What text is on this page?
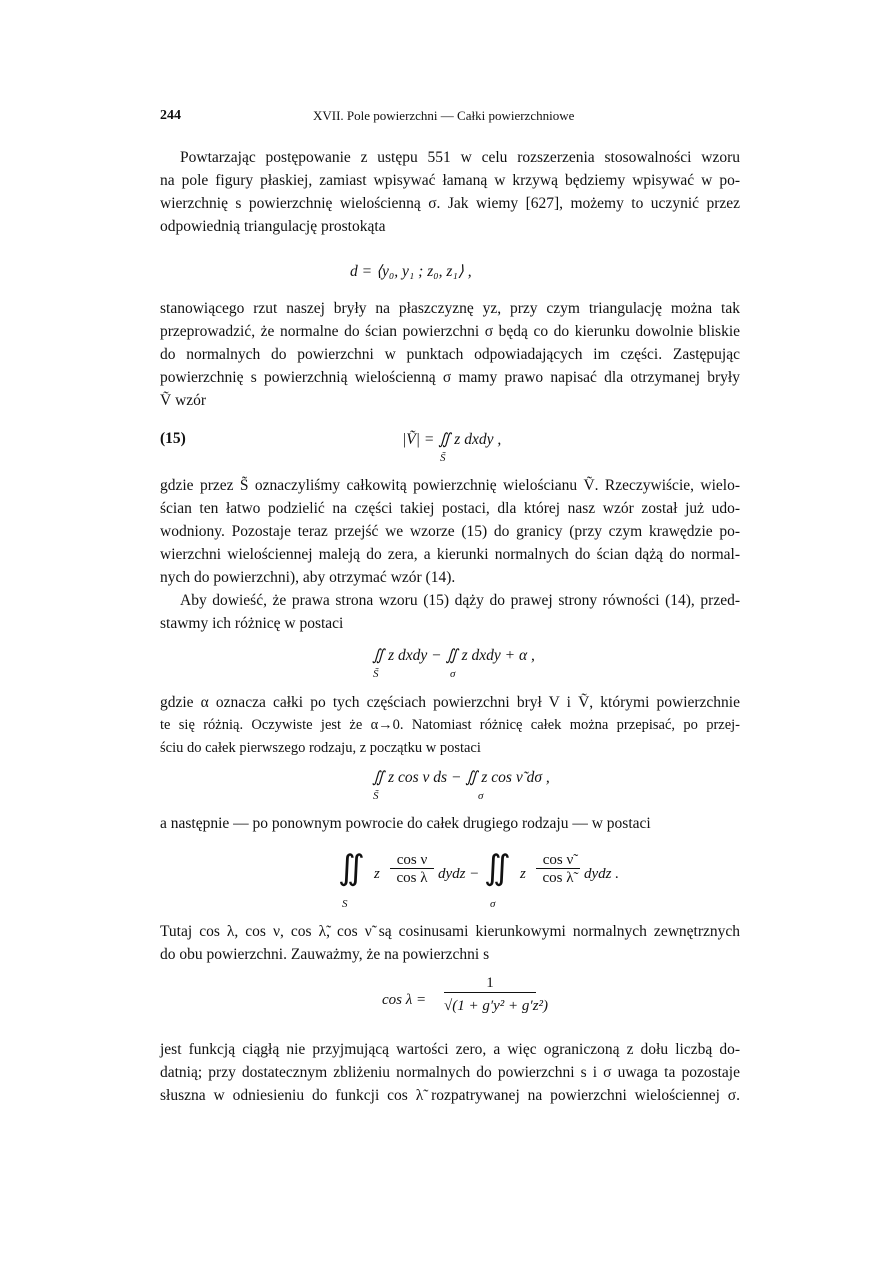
244	XVII. Pole powierzchni — Całki powierzchniowe
Powtarzając postępowanie z ustępu 551 w celu rozszerzenia stosowalności wzoru
na pole figury płaskiej, zamiast wpisywać łamaną w krzywą będziemy wpisywać w po-
wierzchnię s powierzchnię wielościenną σ. Jak wiemy [627], możemy to uczynić przez
odpowiednią triangulację prostokąta
d = ⟨y₀, y₁ ; z₀, z₁⟩ ,
stanowiącego rzut naszej bryły na płaszczyznę yz, przy czym triangulację można tak
przeprowadzić, że normalne do ścian powierzchni σ będą co do kierunku dowolnie bliskie
do normalnych do powierzchni w punktach odpowiadających im części. Zastępując
powierzchnię s powierzchnią wielościenną σ mamy prawo napisać dla otrzymanej bryły
Ṽ wzór
(15)	|Ṽ| = ∬ z dxdy ,
S̃
gdzie przez S̃ oznaczyliśmy całkowitą powierzchnię wielościanu Ṽ. Rzeczywiście, wielo-
ścian ten łatwo podzielić na części takiej postaci, dla której nasz wzór został już udo-
wodniony. Pozostaje teraz przejść we wzorze (15) do granicy (przy czym krawędzie po-
wierzchni wielościennej maleją do zera, a kierunki normalnych do ścian dążą do normal-
nych do powierzchni), aby otrzymać wzór (14).
Aby dowieść, że prawa strona wzoru (15) dąży do prawej strony równości (14), przed-
stawmy ich różnicę w postaci
∬ z dxdy − ∬ z dxdy + α ,
S̃	σ
gdzie α oznacza całki po tych częściach powierzchni brył V i Ṽ, którymi powierzchnie
te się różnią. Oczywiste jest że α→0. Natomiast różnicę całek można przepisać, po przej-
ściu do całek pierwszego rodzaju, z początku w postaci
∬ z cos ν ds − ∬ z cos ν̃ dσ ,
S̃	σ
a następnie — po ponownym powrocie do całek drugiego rodzaju — w postaci
∬ z
cos ν
cos λ dydz − ∬ z
cos ν̃
cos λ̃ dydz .
S	σ
Tutaj cos λ, cos ν, cos λ̃, cos ν̃ są cosinusami kierunkowymi normalnych zewnętrznych
do obu powierzchni. Zauważmy, że na powierzchni s
cos λ =
1
√(1 + g′y² + g′z²)
jest funkcją ciągłą nie przyjmującą wartości zero, a więc ograniczoną z dołu liczbą do-
datnią; przy dostatecznym zbliżeniu normalnych do powierzchni s i σ uwaga ta pozostaje
słuszna w odniesieniu do funkcji cos λ̃ rozpatrywanej na powierzchni wielościennej σ.
